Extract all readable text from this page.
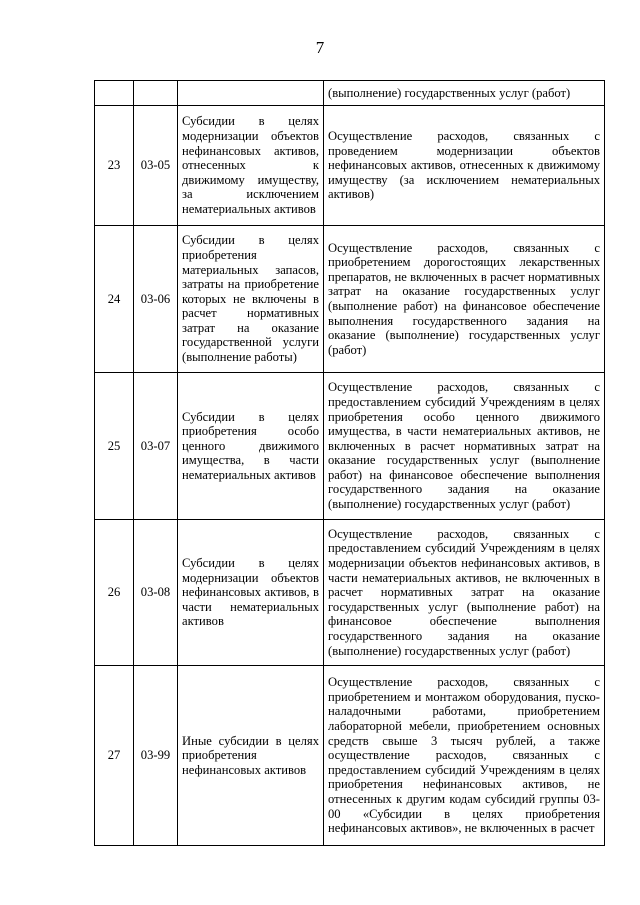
7
			(выполнение) государственных услуг (работ)
23	03-05	Субсидии в целях модернизации объектов нефинансовых активов, отнесенных к движимому имуществу, за исключением нематериальных активов	Осуществление расходов, связанных с проведением модернизации объектов нефинансовых активов, отнесенных к движимому имуществу (за исключением нематериальных активов)
24	03-06	Субсидии в целях приобретения материальных запасов, затраты на приобретение которых не включены в расчет нормативных затрат на оказание государственной услуги (выполнение работы)	Осуществление расходов, связанных с приобретением дорогостоящих лекарственных препаратов, не включенных в расчет нормативных затрат на оказание государственных услуг (выполнение работ) на финансовое обеспечение выполнения государственного задания на оказание (выполнение) государственных услуг (работ)
25	03-07	Субсидии в целях приобретения особо ценного движимого имущества, в части нематериальных активов	Осуществление расходов, связанных с предоставлением субсидий Учреждениям в целях приобретения особо ценного движимого имущества, в части нематериальных активов, не включенных в расчет нормативных затрат на оказание государственных услуг (выполнение работ) на финансовое обеспечение выполнения государственного задания на оказание (выполнение) государственных услуг (работ)
26	03-08	Субсидии в целях модернизации объектов нефинансовых активов, в части нематериальных активов	Осуществление расходов, связанных с предоставлением субсидий Учреждениям в целях модернизации объектов нефинансовых активов, в части нематериальных активов, не включенных в расчет нормативных затрат на оказание государственных услуг (выполнение работ) на финансовое обеспечение выполнения государственного задания на оказание (выполнение) государственных услуг (работ)
27	03-99	Иные субсидии в целях приобретения нефинансовых активов	Осуществление расходов, связанных с приобретением и монтажом оборудования, пуско-наладочными работами, приобретением лабораторной мебели, приобретением основных средств свыше 3 тысяч рублей, а также осуществление расходов, связанных с предоставлением субсидий Учреждениям в целях приобретения нефинансовых активов, не отнесенных к другим кодам субсидий группы 03-00 «Субсидии в целях приобретения нефинансовых активов», не включенных в расчет
